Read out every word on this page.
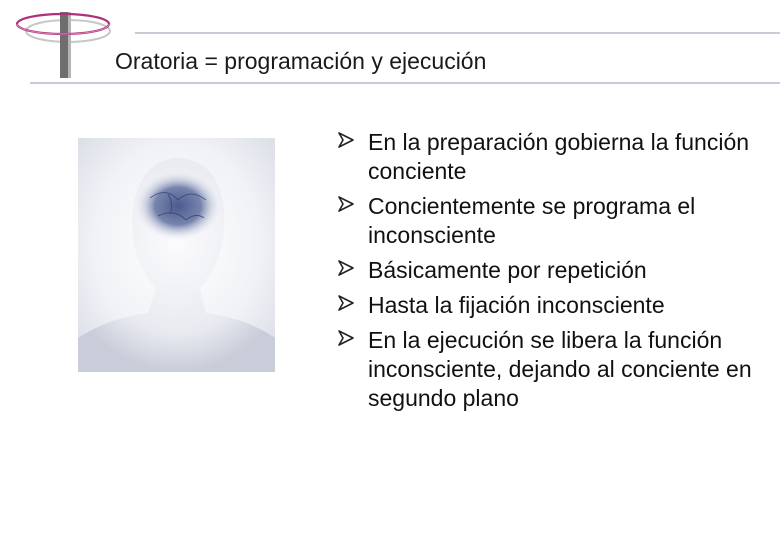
Oratoria = programación y ejecución
En la preparación gobierna la función conciente
Concientemente se programa el inconsciente
Básicamente por repetición
Hasta la fijación inconsciente
En la ejecución se libera la función inconsciente, dejando al conciente en segundo plano
